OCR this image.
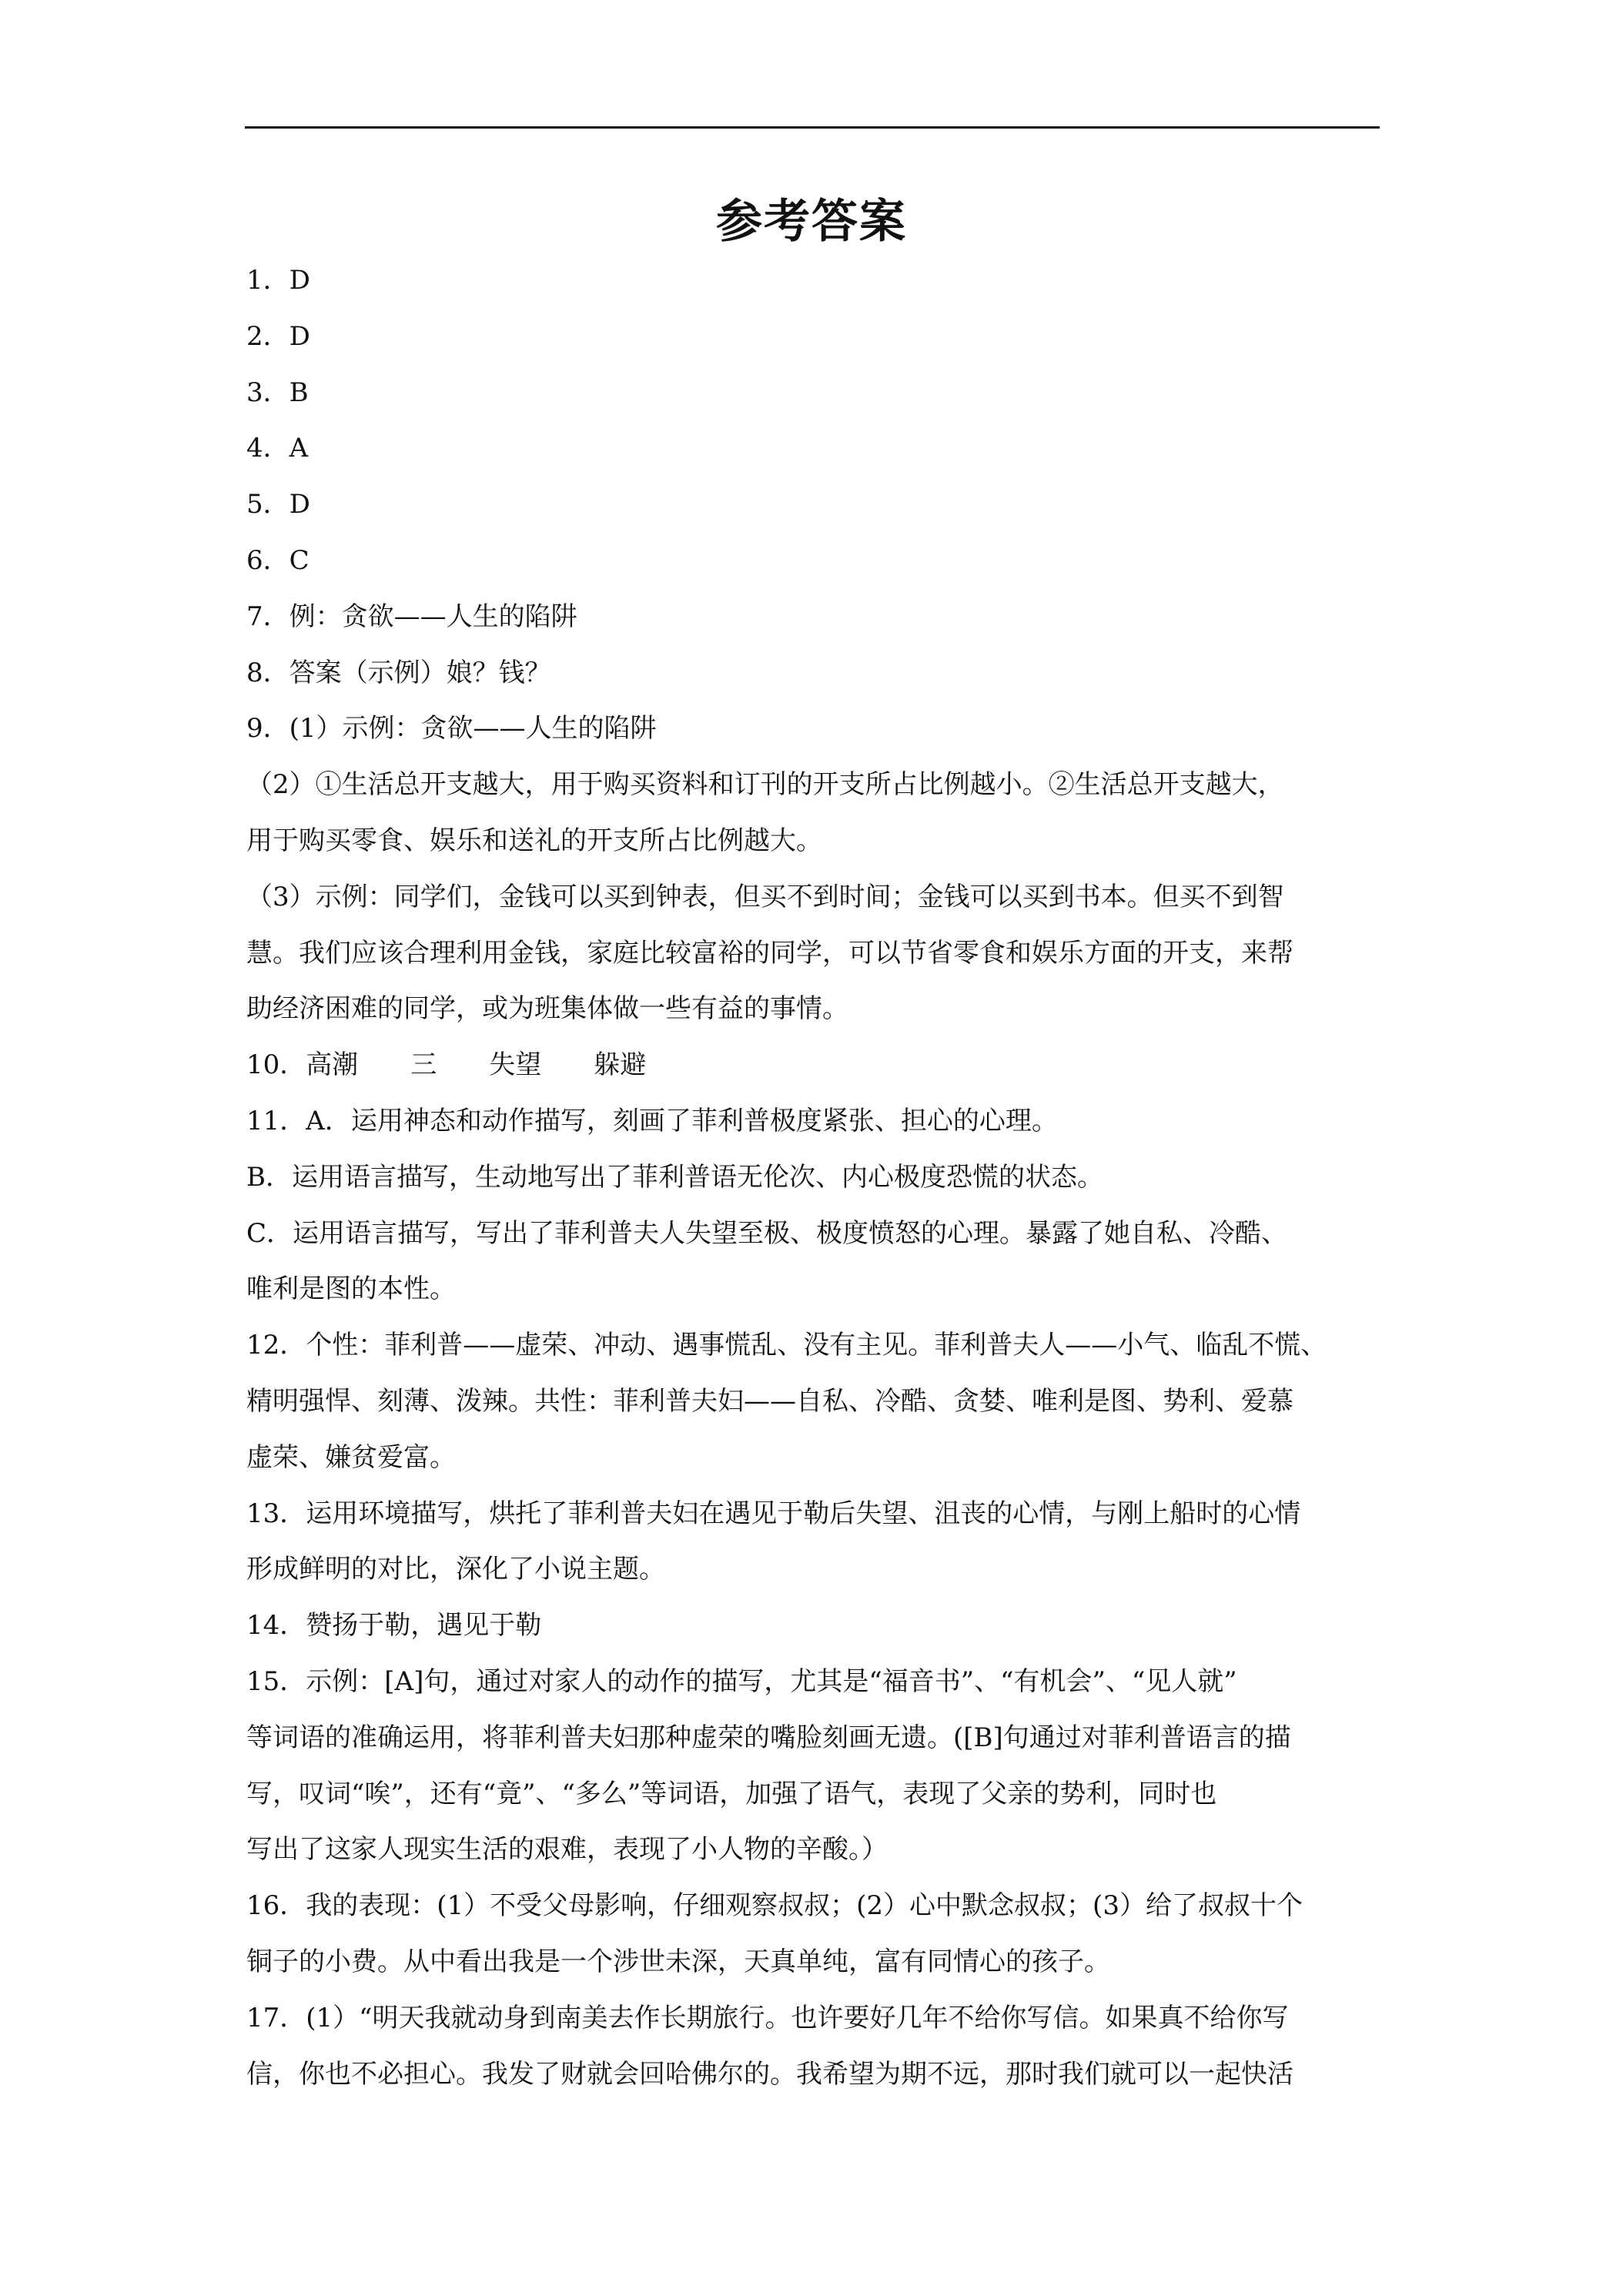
参考答案
1．D
2．D
3．B
4．A
5．D
6．C
7．例：贪欲——人生的陷阱
8．答案（示例）娘？钱？
9．(1）示例：贪欲——人生的陷阱
（2）①生活总开支越大，用于购买资料和订刊的开支所占比例越小。②生活总开支越大，
用于购买零食、娱乐和送礼的开支所占比例越大。
（3）示例：同学们，金钱可以买到钟表，但买不到时间；金钱可以买到书本。但买不到智
慧。我们应该合理利用金钱，家庭比较富裕的同学，可以节省零食和娱乐方面的开支，来帮
助经济困难的同学，或为班集体做一些有益的事情。
10．高潮　　三　　失望　　躲避
11．A．运用神态和动作描写，刻画了菲利普极度紧张、担心的心理。
B．运用语言描写，生动地写出了菲利普语无伦次、内心极度恐慌的状态。
C．运用语言描写，写出了菲利普夫人失望至极、极度愤怒的心理。暴露了她自私、冷酷、
唯利是图的本性。
12．个性：菲利普——虚荣、冲动、遇事慌乱、没有主见。菲利普夫人——小气、临乱不慌、
精明强悍、刻薄、泼辣。共性：菲利普夫妇——自私、冷酷、贪婪、唯利是图、势利、爱慕
虚荣、嫌贫爱富。
13．运用环境描写，烘托了菲利普夫妇在遇见于勒后失望、沮丧的心情，与刚上船时的心情
形成鲜明的对比，深化了小说主题。
14．赞扬于勒，遇见于勒
15．示例：[A]句，通过对家人的动作的描写，尤其是“福音书”、“有机会”、“见人就”
等词语的准确运用，将菲利普夫妇那种虚荣的嘴脸刻画无遗。([B]句通过对菲利普语言的描
写，叹词“唉”，还有“竟”、“多么”等词语，加强了语气，表现了父亲的势利，同时也
写出了这家人现实生活的艰难，表现了小人物的辛酸。）
16．我的表现：(1）不受父母影响，仔细观察叔叔；(2）心中默念叔叔；(3）给了叔叔十个
铜子的小费。从中看出我是一个涉世未深，天真单纯，富有同情心的孩子。
17．(1）“明天我就动身到南美去作长期旅行。也许要好几年不给你写信。如果真不给你写
信，你也不必担心。我发了财就会回哈佛尔的。我希望为期不远，那时我们就可以一起快活
